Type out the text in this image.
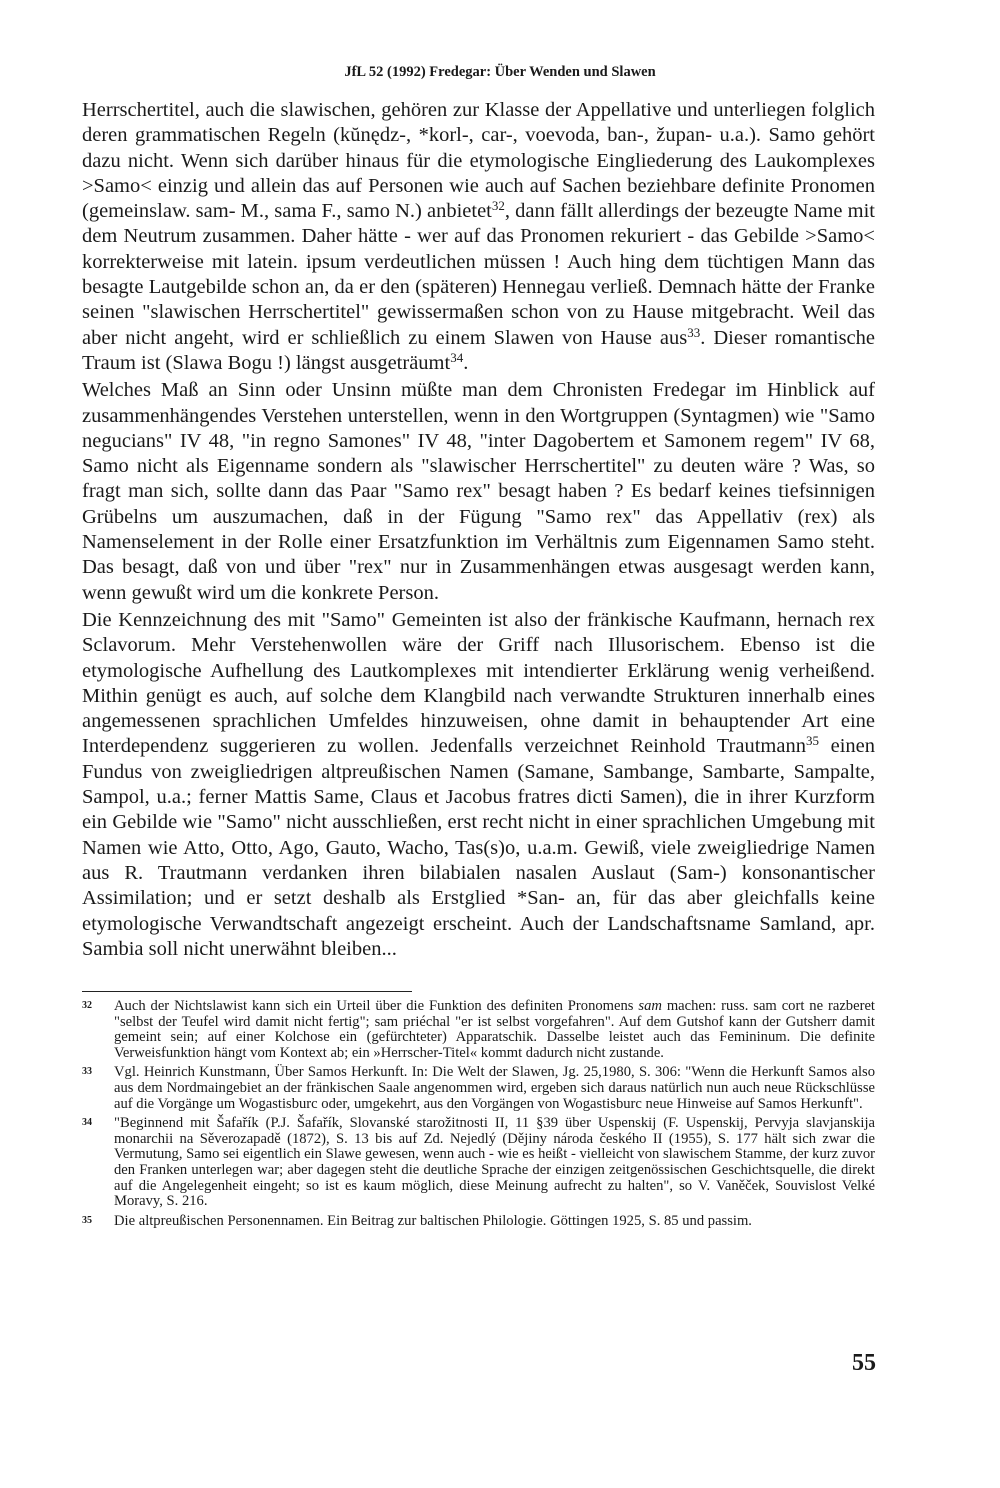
JfL 52 (1992) Fredegar: Über Wenden und Slawen

Herrschertitel, auch die slawischen, gehören zur Klasse der Appellative und unterliegen folglich deren grammatischen Regeln (kŭnędz-, *korl-, car-, voevoda, ban-, župan- u.a.). Samo gehört dazu nicht. Wenn sich darüber hinaus für die etymologische Eingliederung des Laukomplexes >Samo< einzig und allein das auf Personen wie auch auf Sachen beziehbare definite Pronomen (gemeinslaw. sam- M., sama F., samo N.) anbietet$^{32}$, dann fällt allerdings der bezeugte Name mit dem Neutrum zusammen. Daher hätte - wer auf das Pronomen rekuriert - das Gebilde >Samo< korrekterweise mit latein. ipsum verdeutlichen müssen ! Auch hing dem tüchtigen Mann das besagte Lautgebilde schon an, da er den (späteren) Hennegau verließ. Demnach hätte der Franke seinen "slawischen Herrschertitel" gewissermaßen schon von zu Hause mitgebracht. Weil das aber nicht angeht, wird er schließlich zu einem Slawen von Hause aus$^{33}$. Dieser romantische Traum ist (Slawa Bogu !) längst ausgeträumt$^{34}$.

Welches Maß an Sinn oder Unsinn müßte man dem Chronisten Fredegar im Hinblick auf zusammenhängendes Verstehen unterstellen, wenn in den Wortgruppen (Syntagmen) wie "Samo negucians" IV 48, "in regno Samones" IV 48, "inter Dagobertem et Samonem regem" IV 68, Samo nicht als Eigenname sondern als "slawischer Herrschertitel" zu deuten wäre ? Was, so fragt man sich, sollte dann das Paar "Samo rex" besagt haben ? Es bedarf keines tiefsinnigen Grübelns um auszumachen, daß in der Fügung "Samo rex" das Appellativ (rex) als Namenselement in der Rolle einer Ersatzfunktion im Verhältnis zum Eigennamen Samo steht. Das besagt, daß von und über "rex" nur in Zusammenhängen etwas ausgesagt werden kann, wenn gewußt wird um die konkrete Person.

Die Kennzeichnung des mit "Samo" Gemeinten ist also der fränkische Kaufmann, hernach rex Sclavorum. Mehr Verstehenwollen wäre der Griff nach Illusorischem. Ebenso ist die etymologische Aufhellung des Lautkomplexes mit intendierter Erklärung wenig verheißend. Mithin genügt es auch, auf solche dem Klangbild nach verwandte Strukturen innerhalb eines angemessenen sprachlichen Umfeldes hinzuweisen, ohne damit in behauptender Art eine Interdependenz suggerieren zu wollen. Jedenfalls verzeichnet Reinhold Trautmann$^{35}$ einen Fundus von zweigliedrigen altpreußischen Namen (Samane, Sambange, Sambarte, Sampalte, Sampol, u.a.; ferner Mattis Same, Claus et Jacobus fratres dicti Samen), die in ihrer Kurzform ein Gebilde wie "Samo" nicht ausschließen, erst recht nicht in einer sprachlichen Umgebung mit Namen wie Atto, Otto, Ago, Gauto, Wacho, Tas(s)o, u.a.m. Gewiß, viele zweigliedrige Namen aus R. Trautmann verdanken ihren bilabialen nasalen Auslaut (Sam-) konsonantischer Assimilation; und er setzt deshalb als Erstglied *San- an, für das aber gleichfalls keine etymologische Verwandtschaft angezeigt erscheint. Auch der Landschaftsname Samland, apr. Sambia soll nicht unerwähnt bleiben...

32	Auch der Nichtslawist kann sich ein Urteil über die Funktion des definiten Pronomens sam machen: russ. sam cort ne razberet "selbst der Teufel wird damit nicht fertig"; sam priéchal "er ist selbst vorgefahren". Auf dem Gutshof kann der Gutsherr damit gemeint sein; auf einer Kolchose ein (gefürchteter) Apparatschik. Dasselbe leistet auch das Femininum. Die definite Verweisfunktion hängt vom Kontext ab; ein »Herrscher-Titel« kommt dadurch nicht zustande.
33	Vgl. Heinrich Kunstmann, Über Samos Herkunft. In: Die Welt der Slawen, Jg. 25,1980, S. 306: "Wenn die Herkunft Samos also aus dem Nordmaingebiet an der fränkischen Saale angenommen wird, ergeben sich daraus natürlich nun auch neue Rückschlüsse auf die Vorgänge um Wogastisburc oder, umgekehrt, aus den Vorgängen von Wogastisburc neue Hinweise auf Samos Herkunft".
34	"Beginnend mit Šafařík (P.J. Šafařík, Slovanské starožitnosti II, 11 §39 über Uspenskij (F. Uspenskij, Pervyja slavjanskija monarchii na Sěverozapadě (1872), S. 13 bis auf Zd. Nejedlý (Dějiny národa českého II (1955), S. 177 hält sich zwar die Vermutung, Samo sei eigentlich ein Slawe gewesen, wenn auch - wie es heißt - vielleicht von slawischem Stamme, der kurz zuvor den Franken unterlegen war; aber dagegen steht die deutliche Sprache der einzigen zeitgenössischen Geschichtsquelle, die direkt auf die Angelegenheit eingeht; so ist es kaum möglich, diese Meinung aufrecht zu halten", so V. Vaněček, Souvislost Velké Moravy, S. 216.
35	Die altpreußischen Personennamen. Ein Beitrag zur baltischen Philologie. Göttingen 1925, S. 85 und passim.
55
